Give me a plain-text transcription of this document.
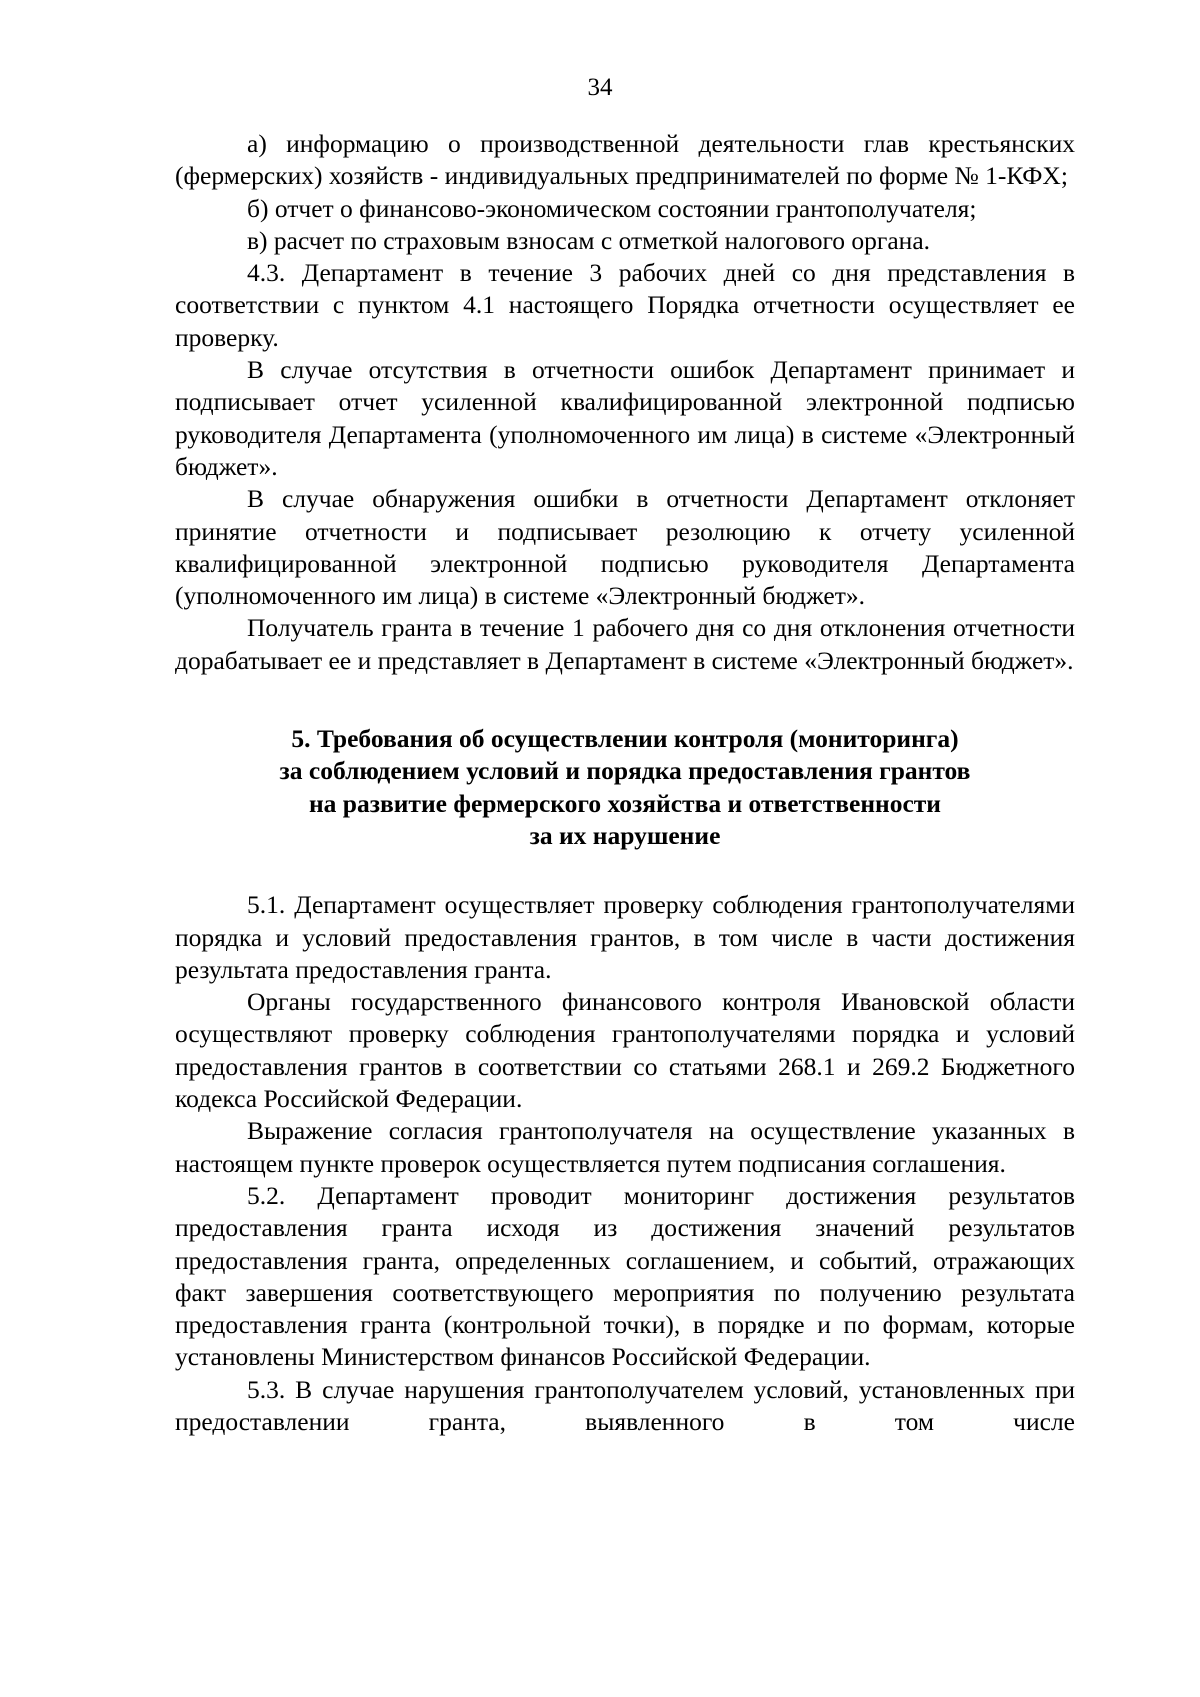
34

а) информацию о производственной деятельности глав крестьянских (фермерских) хозяйств - индивидуальных предпринимателей по форме № 1-КФХ;

б) отчет о финансово-экономическом состоянии грантополучателя;

в) расчет по страховым взносам с отметкой налогового органа.

4.3. Департамент в течение 3 рабочих дней со дня представления в соответствии с пунктом 4.1 настоящего Порядка отчетности осуществляет ее проверку.

В случае отсутствия в отчетности ошибок Департамент принимает и подписывает отчет усиленной квалифицированной электронной подписью руководителя Департамента (уполномоченного им лица) в системе «Электронный бюджет».

В случае обнаружения ошибки в отчетности Департамент отклоняет принятие отчетности и подписывает резолюцию к отчету усиленной квалифицированной электронной подписью руководителя Департамента (уполномоченного им лица) в системе «Электронный бюджет».

Получатель гранта в течение 1 рабочего дня со дня отклонения отчетности дорабатывает ее и представляет в Департамент в системе «Электронный бюджет».

5. Требования об осуществлении контроля (мониторинга)
за соблюдением условий и порядка предоставления грантов
на развитие фермерского хозяйства и ответственности
за их нарушение

5.1. Департамент осуществляет проверку соблюдения грантополучателями порядка и условий предоставления грантов, в том числе в части достижения результата предоставления гранта.

Органы государственного финансового контроля Ивановской области осуществляют проверку соблюдения грантополучателями порядка и условий предоставления грантов в соответствии со статьями 268.1 и 269.2 Бюджетного кодекса Российской Федерации.

Выражение согласия грантополучателя на осуществление указанных в настоящем пункте проверок осуществляется путем подписания соглашения.

5.2. Департамент проводит мониторинг достижения результатов предоставления гранта исходя из достижения значений результатов предоставления гранта, определенных соглашением, и событий, отражающих факт завершения соответствующего мероприятия по получению результата предоставления гранта (контрольной точки), в порядке и по формам, которые установлены Министерством финансов Российской Федерации.

5.3. В случае нарушения грантополучателем условий, установленных при предоставлении гранта, выявленного в том числе
